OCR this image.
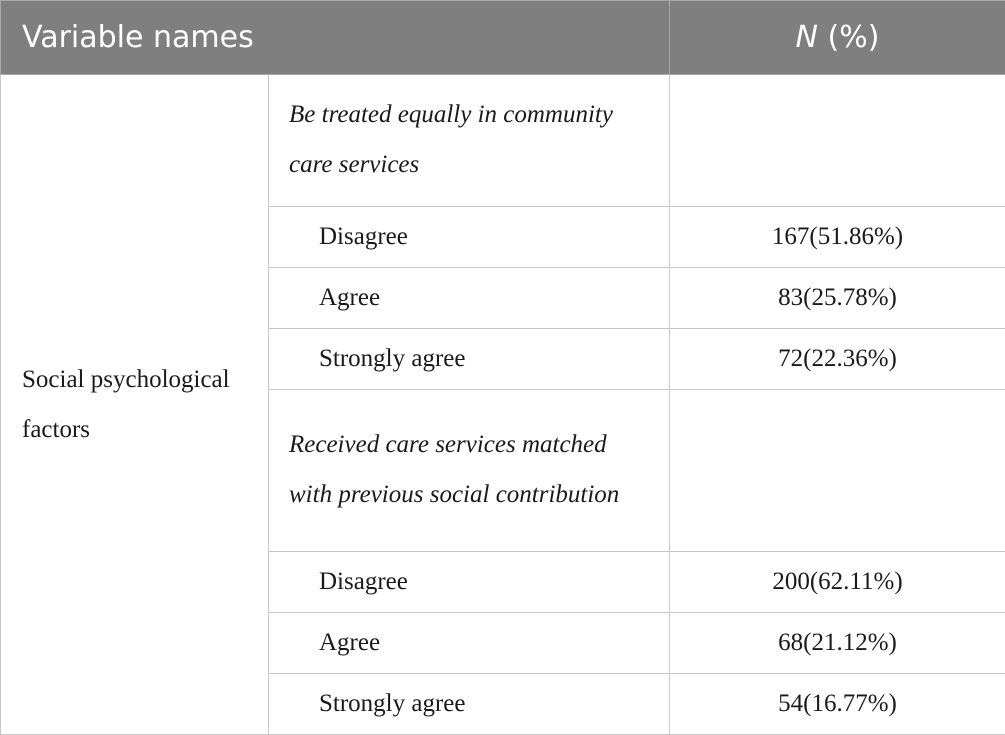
Variable names		N (%)
Social psychological factors	Be treated equally in community care services	
	Disagree	167(51.86%)
	Agree	83(25.78%)
	Strongly agree	72(22.36%)
	Received care services matched with previous social contribution	
	Disagree	200(62.11%)
	Agree	68(21.12%)
	Strongly agree	54(16.77%)
